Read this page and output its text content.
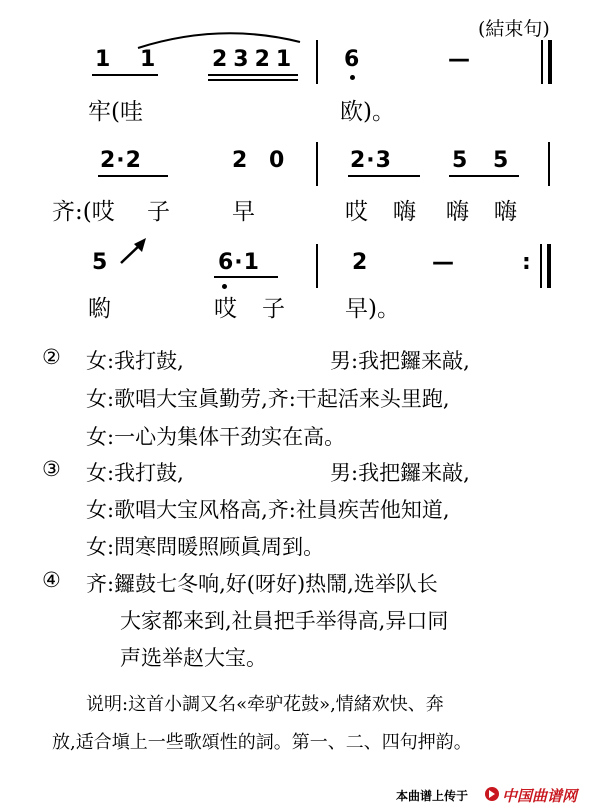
(結束句)
1 1	2321 6	—
牢(哇	欧)。
2·2	2 0	2·3	5 5
齐:(哎 子	早	哎 嗨 嗨 嗨
5	6·1	2	—	:
喲	哎 子	早)。
② 女:我打鼓,	男:我把鑼来敲,
女:歌唱大宝眞勤劳,齐:干起活来头里跑,
女:一心为集体干劲实在高。
③ 女:我打鼓,	男:我把鑼来敲,
女:歌唱大宝风格高,齐:社員疾苦他知道,
女:問寒問暖照顾眞周到。
④ 齐:鑼鼓七冬响,好(呀好)热鬧,选举队长
大家都来到,社員把手举得高,异口同
声选举赵大宝。
说明:这首小調又名«牵驴花鼓»,情緒欢快、奔
放,适合塡上一些歌頌性的詞。第一、二、四句押韵。
本曲谱上传于 中国曲谱网
